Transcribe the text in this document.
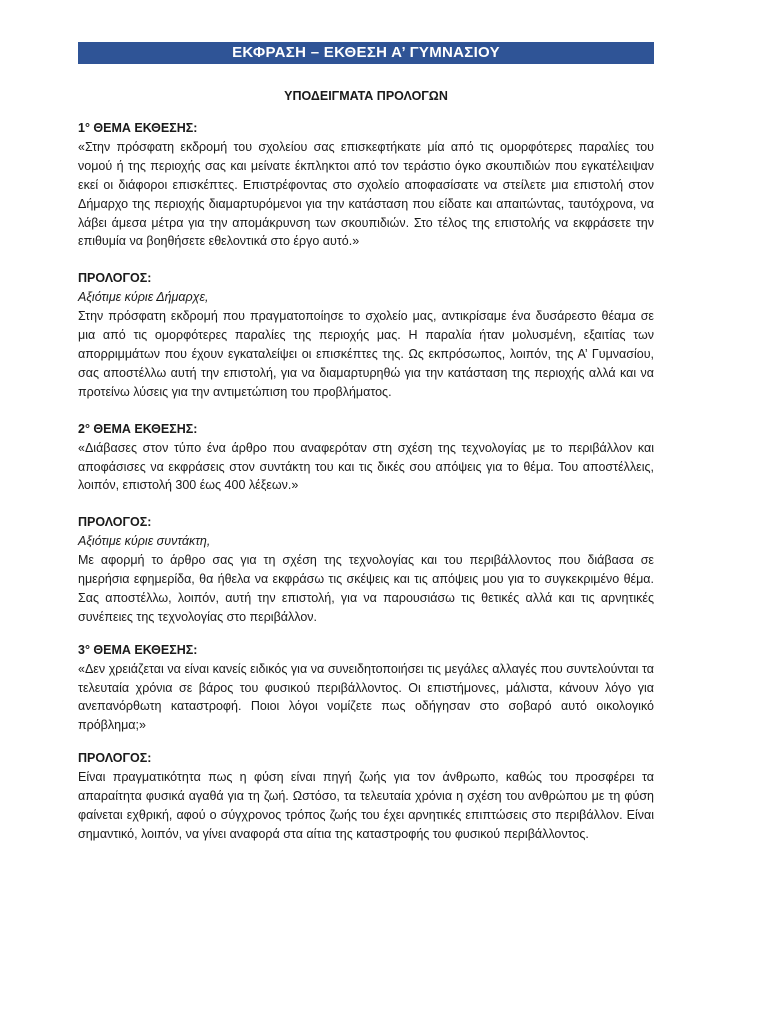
ΕΚΦΡΑΣΗ – ΕΚΘΕΣΗ Α’ ΓΥΜΝΑΣΙΟΥ
ΥΠΟΔΕΙΓΜΑΤΑ ΠΡΟΛΟΓΩΝ

1° ΘΕΜΑ ΕΚΘΕΣΗΣ:

«Στην πρόσφατη εκδρομή του σχολείου σας επισκεφτήκατε μία από τις ομορφότερες παραλίες του νομού ή της περιοχής σας και μείνατε έκπληκτοι από τον τεράστιο όγκο σκουπιδιών που εγκατέλειψαν εκεί οι διάφοροι επισκέπτες. Επιστρέφοντας στο σχολείο αποφασίσατε να στείλετε μια επιστολή στον Δήμαρχο της περιοχής διαμαρτυρόμενοι για την κατάσταση που είδατε και απαιτώντας, ταυτόχρονα, να λάβει άμεσα μέτρα για την απομάκρυνση των σκουπιδιών. Στο τέλος της επιστολής να εκφράσετε την επιθυμία να βοηθήσετε εθελοντικά στο έργο αυτό.»

ΠΡΟΛΟΓΟΣ:

Αξιότιμε κύριε Δήμαρχε,

Στην πρόσφατη εκδρομή που πραγματοποίησε το σχολείο μας, αντικρίσαμε ένα δυσάρεστο θέαμα σε μια από τις ομορφότερες παραλίες της περιοχής μας. Η παραλία ήταν μολυσμένη, εξαιτίας των απορριμμάτων που έχουν εγκαταλείψει οι επισκέπτες της. Ως εκπρόσωπος, λοιπόν, της Α’ Γυμνασίου, σας αποστέλλω αυτή την επιστολή, για να διαμαρτυρηθώ για την κατάσταση της περιοχής αλλά και να προτείνω λύσεις για την αντιμετώπιση του προβλήματος.

2° ΘΕΜΑ ΕΚΘΕΣΗΣ:

«Διάβασες στον τύπο ένα άρθρο που αναφερόταν στη σχέση της τεχνολογίας με το περιβάλλον και αποφάσισες να εκφράσεις στον συντάκτη του και τις δικές σου απόψεις για το θέμα. Του αποστέλλεις, λοιπόν, επιστολή 300 έως 400 λέξεων.»

ΠΡΟΛΟΓΟΣ:

Αξιότιμε κύριε συντάκτη,

Με αφορμή το άρθρο σας για τη σχέση της τεχνολογίας και του περιβάλλοντος που διάβασα σε ημερήσια εφημερίδα, θα ήθελα να εκφράσω τις σκέψεις και τις απόψεις μου για το συγκεκριμένο θέμα. Σας αποστέλλω, λοιπόν, αυτή την επιστολή, για να παρουσιάσω τις θετικές αλλά και τις αρνητικές συνέπειες της τεχνολογίας στο περιβάλλον.

3° ΘΕΜΑ ΕΚΘΕΣΗΣ:

«Δεν χρειάζεται να είναι κανείς ειδικός για να συνειδητοποιήσει τις μεγάλες αλλαγές που συντελούνται τα τελευταία χρόνια σε βάρος του φυσικού περιβάλλοντος. Οι επιστήμονες, μάλιστα, κάνουν λόγο για ανεπανόρθωτη καταστροφή. Ποιοι λόγοι νομίζετε πως οδήγησαν στο σοβαρό αυτό οικολογικό πρόβλημα;»

ΠΡΟΛΟΓΟΣ:

Είναι πραγματικότητα πως η φύση είναι πηγή ζωής για τον άνθρωπο, καθώς του προσφέρει τα απαραίτητα φυσικά αγαθά για τη ζωή. Ωστόσο, τα τελευταία χρόνια η σχέση του ανθρώπου με τη φύση φαίνεται εχθρική, αφού ο σύγχρονος τρόπος ζωής του έχει αρνητικές επιπτώσεις στο περιβάλλον. Είναι σημαντικό, λοιπόν, να γίνει αναφορά στα αίτια της καταστροφής του φυσικού περιβάλλοντος.
